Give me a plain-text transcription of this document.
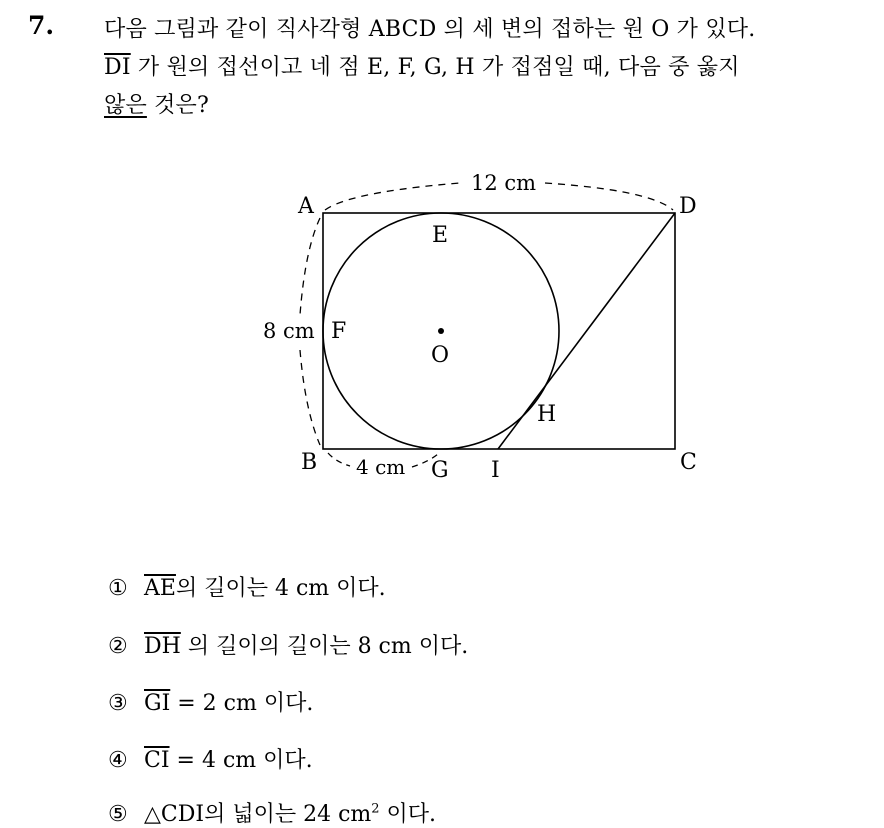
7. 다음 그림과 같이 직사각형 ABCD 의 세 변의 접하는 원 O 가 있다.
$\overline{DI}$ 가 원의 접선이고 네 점 E, F, G, H 가 접점일 때, 다음 중 옳지
않은 것은?
12 cm
8 cm
4 cm
A	D
E
F
O
H
B	G I	C
① $\overline{AE}$의 길이는 4 cm 이다.
② $\overline{DH}$ 의 길이의 길이는 8 cm 이다.
③ $\overline{GI} = 2$ cm 이다.
④ $\overline{CI} = 4$ cm 이다.
⑤ △CDI의 넓이는 24 $cm^2$ 이다.
